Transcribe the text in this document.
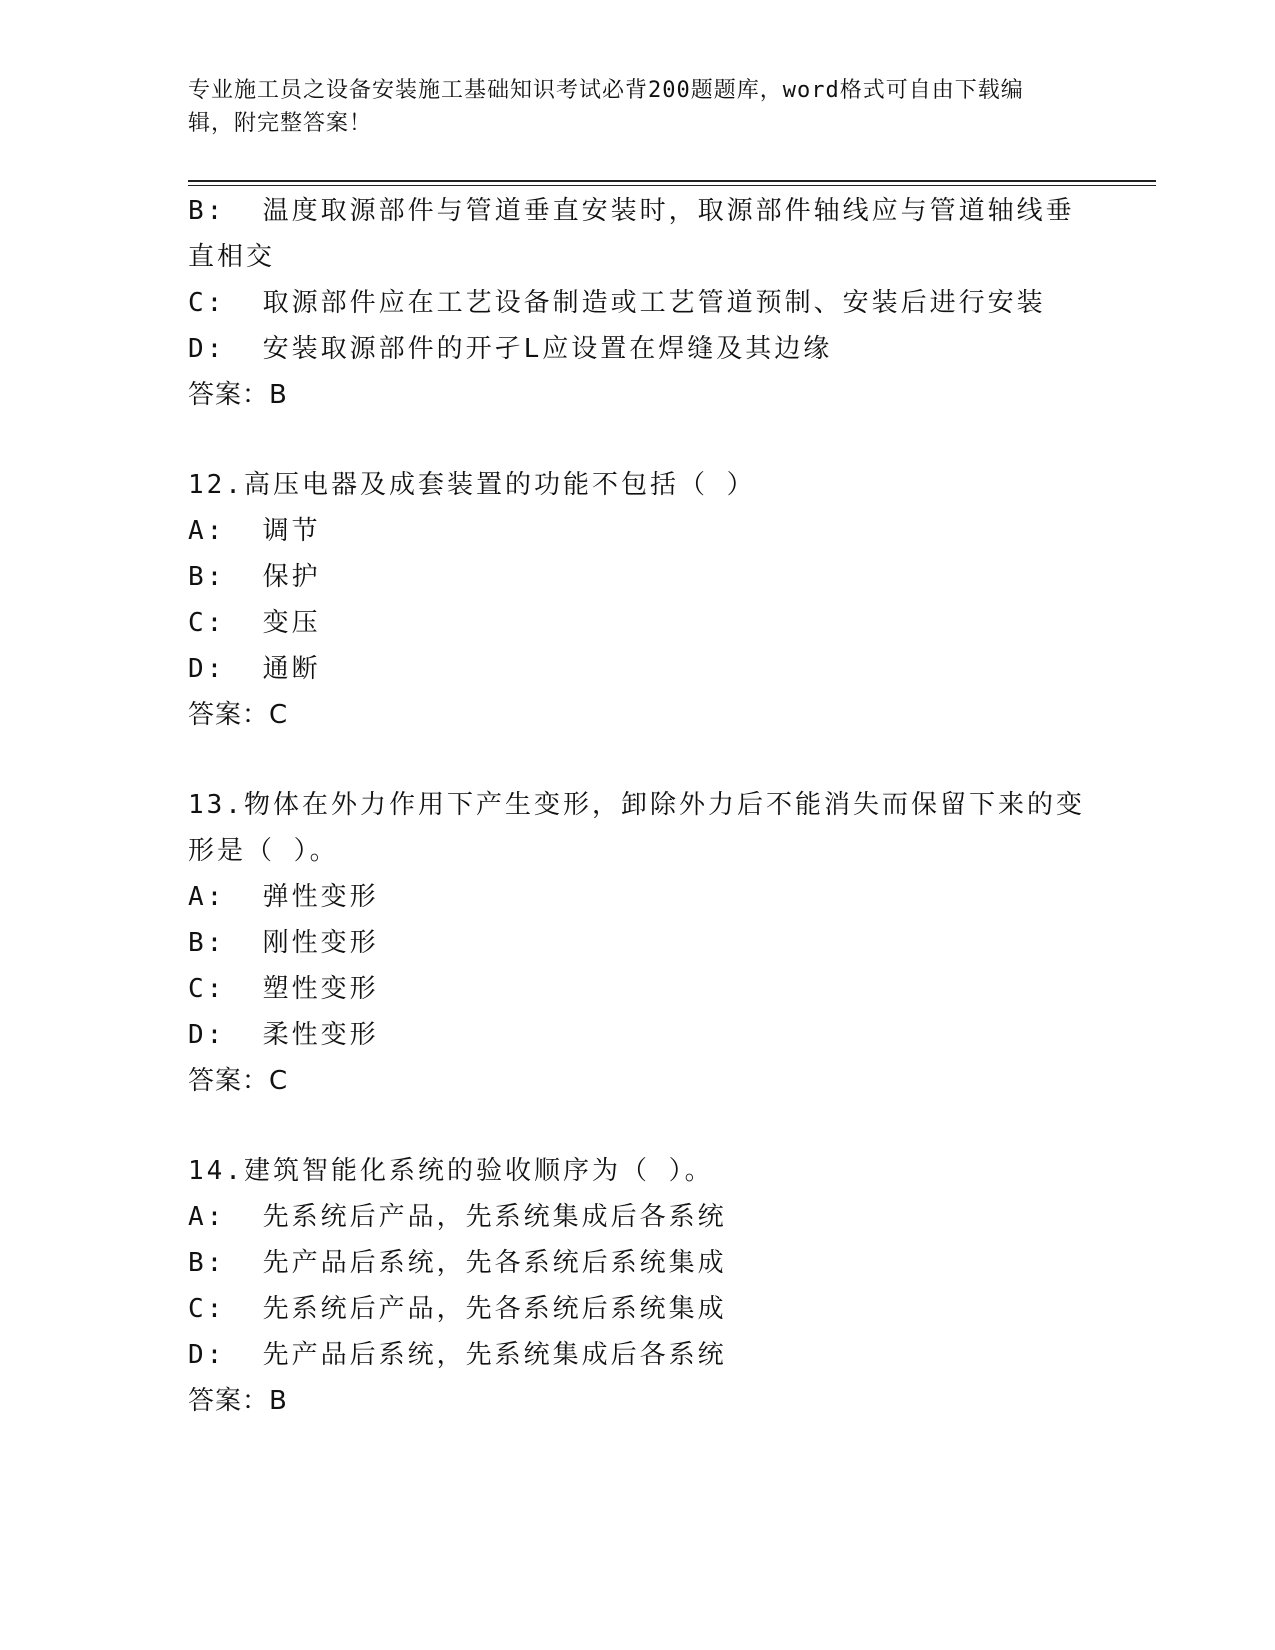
专业施工员之设备安装施工基础知识考试必背200题题库，word格式可自由下载编辑，附完整答案！
B:  温度取源部件与管道垂直安装时，取源部件轴线应与管道轴线垂直相交
C:  取源部件应在工艺设备制造或工艺管道预制、安装后进行安装
D:  安装取源部件的开孑L应设置在焊缝及其边缘
答案：B
12.高压电器及成套装置的功能不包括（ ）
A:  调节
B:  保护
C:  变压
D:  通断
答案：C
13.物体在外力作用下产生变形，卸除外力后不能消失而保留下来的变形是（ ）。
A:  弹性变形
B:  刚性变形
C:  塑性变形
D:  柔性变形
答案：C
14.建筑智能化系统的验收顺序为（ ）。
A:  先系统后产品，先系统集成后各系统
B:  先产品后系统，先各系统后系统集成
C:  先系统后产品，先各系统后系统集成
D:  先产品后系统，先系统集成后各系统
答案：B
